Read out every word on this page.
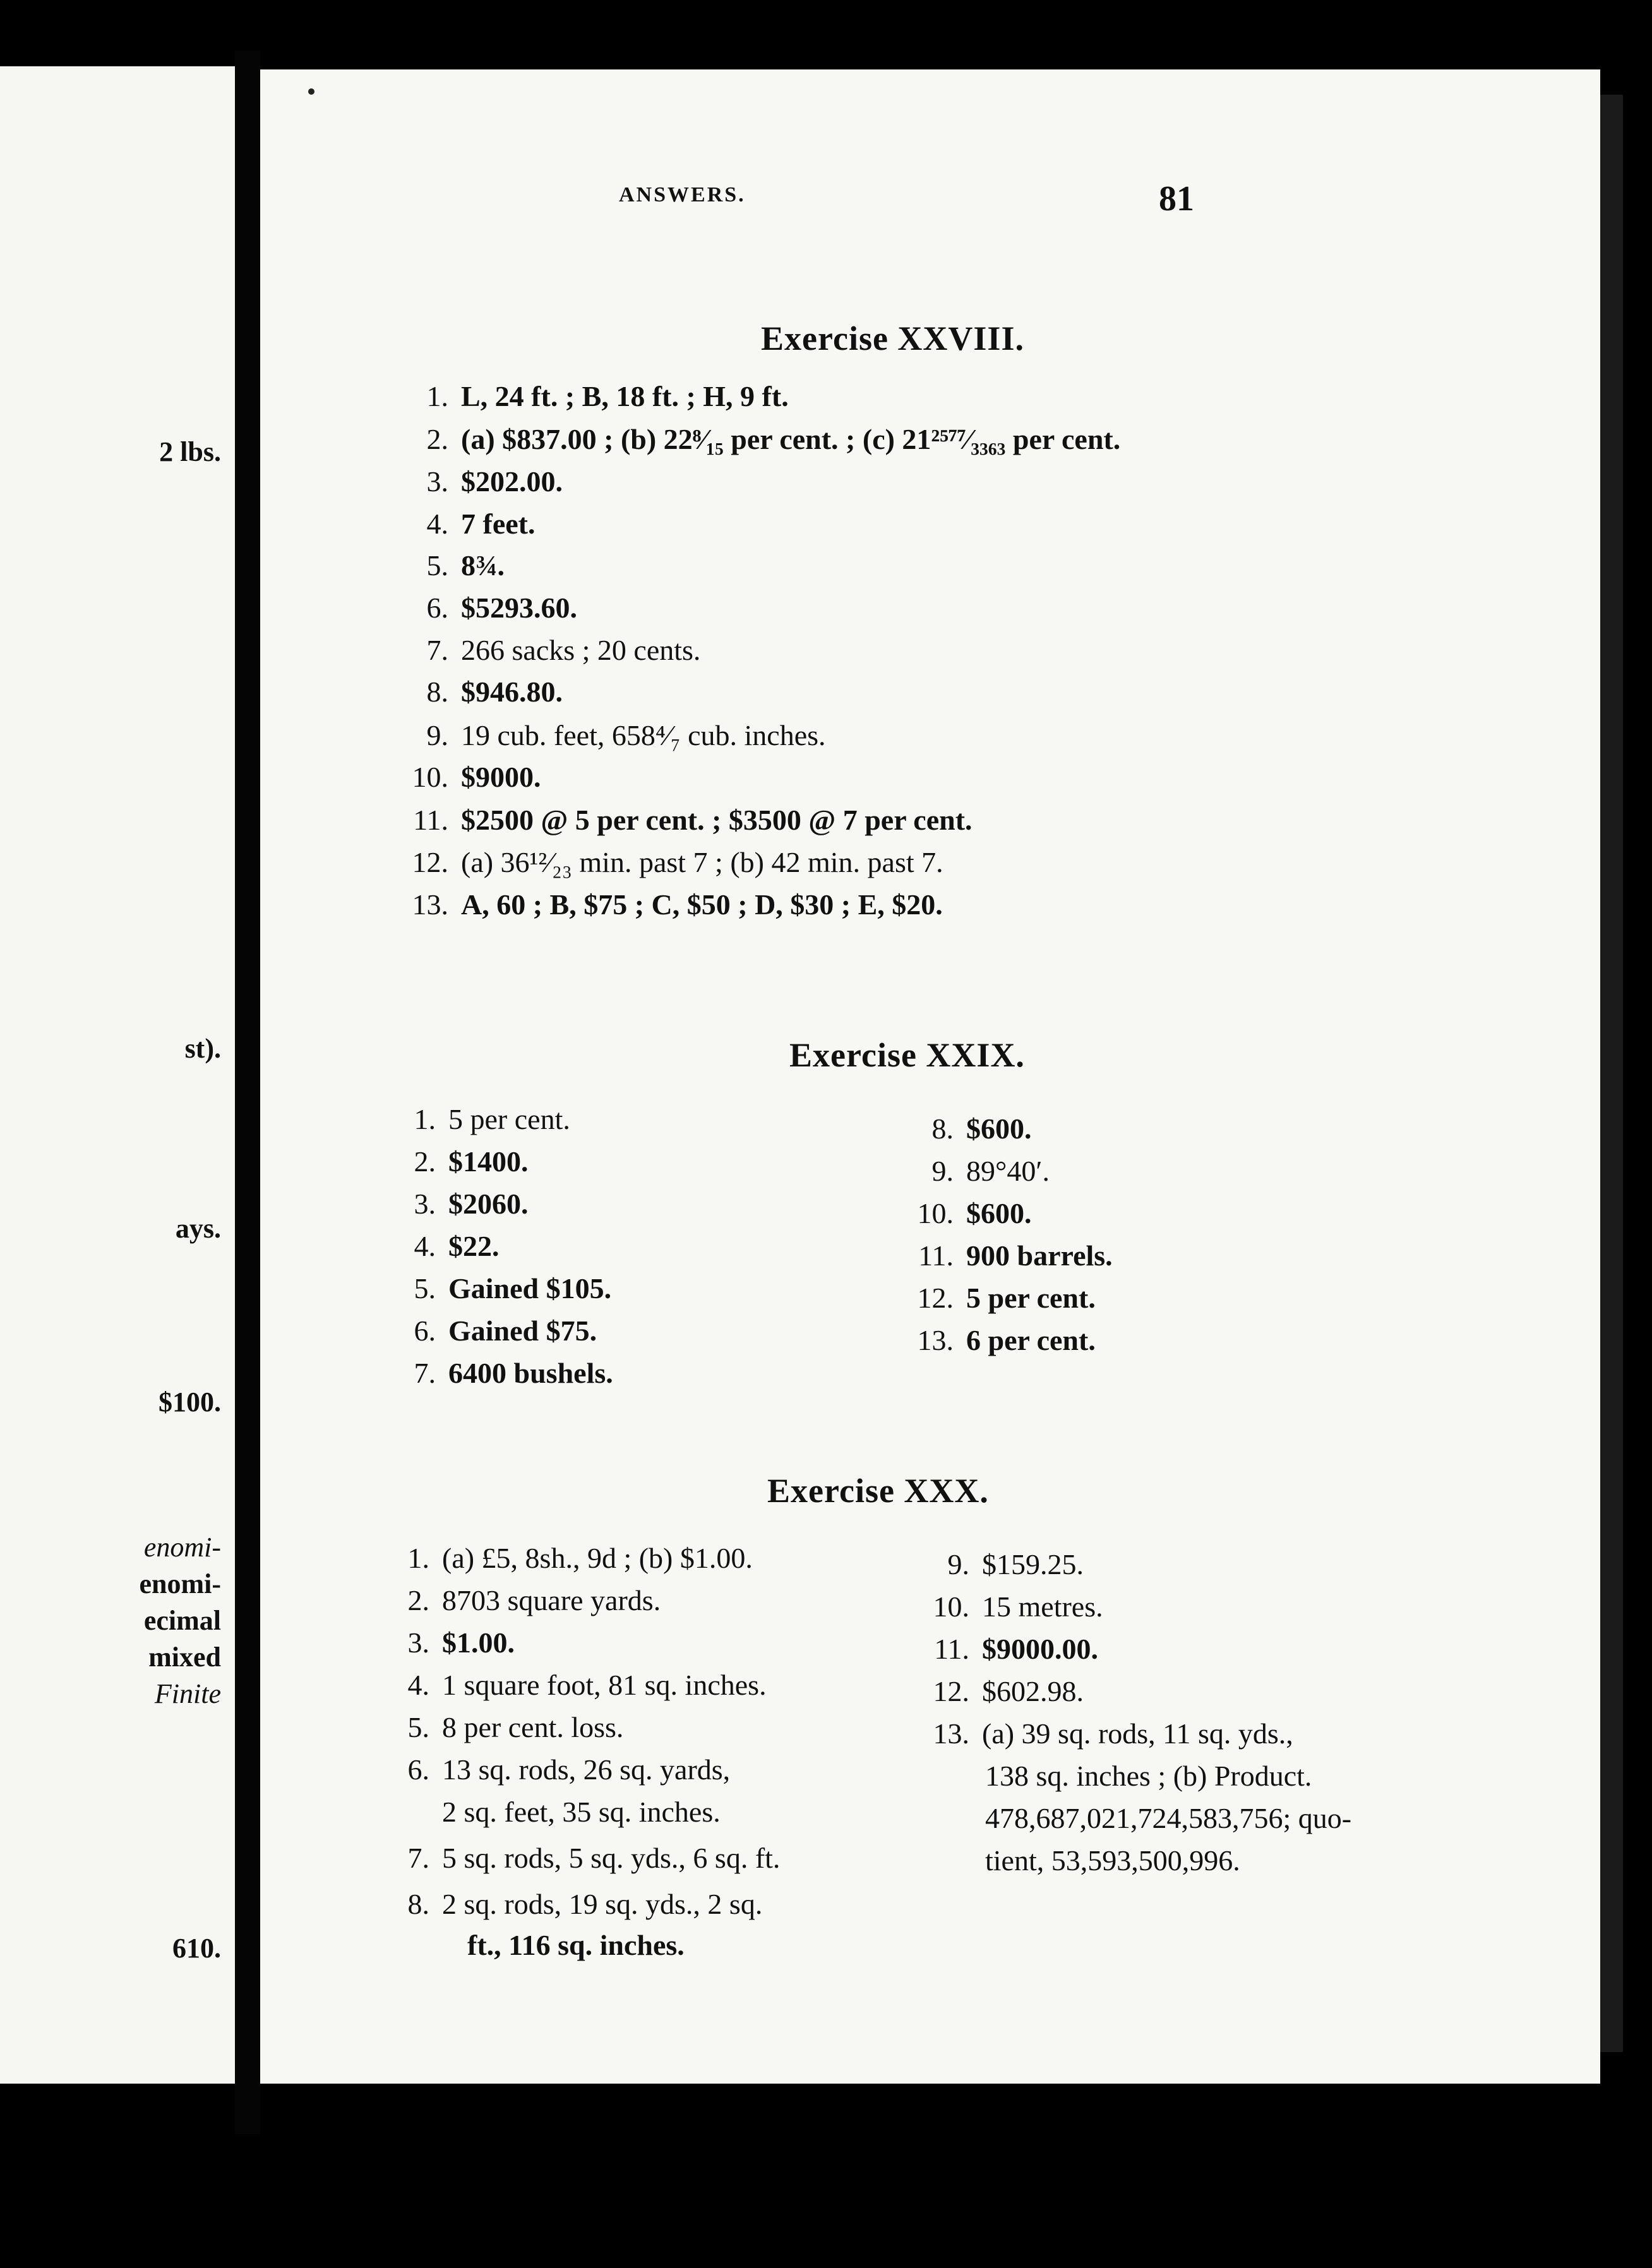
2 lbs.
st).
ays.
$100.
enomi-
enomi-
ecimal
mixed
Finite
610.
ANSWERS.	81
Exercise XXVIII.
1. L, 24 ft. ; B, 18 ft. ; H, 9 ft.
2. (a) $837.00 ; (b) 22⁸⁄₁₅ per cent. ; (c) 21²⁵⁷⁷⁄₃₃₆₃ per cent.
3. $202.00.
4. 7 feet.
5. 8¾.
6. $5293.60.
7. 266 sacks ; 20 cents.
8. $946.80.
9. 19 cub. feet, 658⁴⁄₇ cub. inches.
10. $9000.
11. $2500 @ 5 per cent. ; $3500 @ 7 per cent.
12. (a) 36¹²⁄₂₃ min. past 7 ; (b) 42 min. past 7.
13. A, 60 ; B, $75 ; C, $50 ; D, $30 ; E, $20.
Exercise XXIX.
1. 5 per cent.
2. $1400.
3. $2060.
4. $22.
5. Gained $105.
6. Gained $75.
7. 6400 bushels.
8. $600.
9. 89°40′.
10. $600.
11. 900 barrels.
12. 5 per cent.
13. 6 per cent.
Exercise XXX.
1. (a) £5, 8sh., 9d ; (b) $1.00.
2. 8703 square yards.
3. $1.00.
4. 1 square foot, 81 sq. inches.
5. 8 per cent. loss.
6. 13 sq. rods, 26 sq. yards,
2 sq. feet, 35 sq. inches.
7. 5 sq. rods, 5 sq. yds., 6 sq. ft.
8. 2 sq. rods, 19 sq. yds., 2 sq.
ft., 116 sq. inches.
9. $159.25.
10. 15 metres.
11. $9000.00.
12. $602.98.
13. (a) 39 sq. rods, 11 sq. yds.,
138 sq. inches ; (b) Product.
478,687,021,724,583,756; quo-
tient, 53,593,500,996.
